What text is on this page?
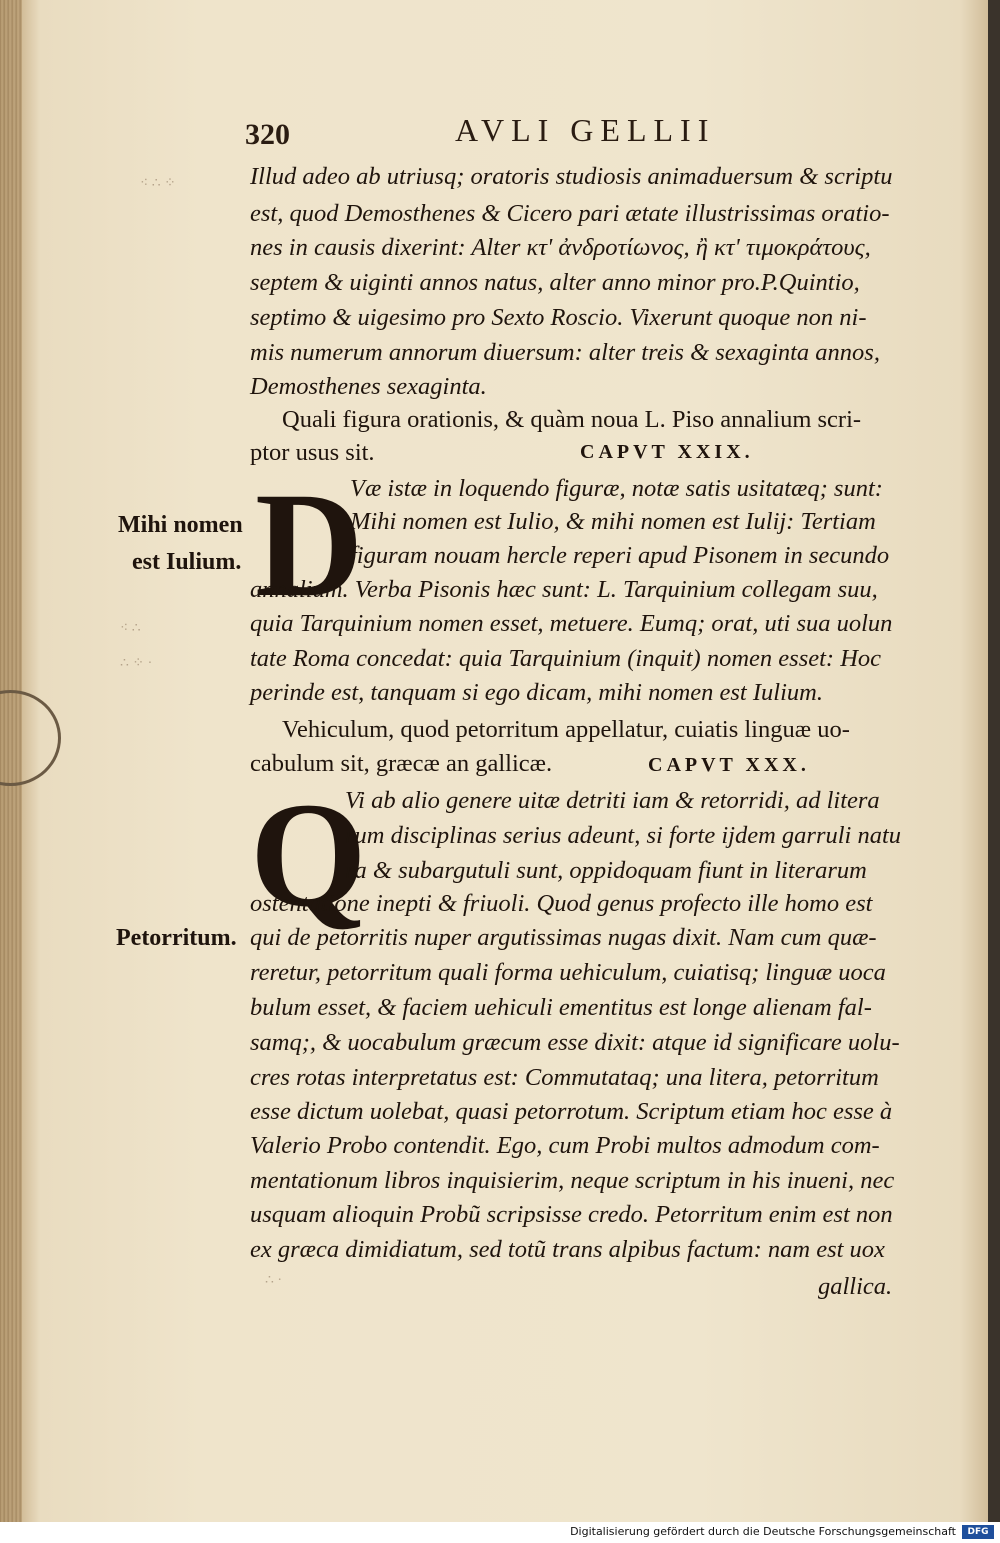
320	AVLI GELLII
⁖ ∴ ⁘
⁖ ∴
∴ ⁘ ·
Illud adeo ab utriusq; oratoris studiosis animaduersum & scriptu
est, quod Demosthenes & Cicero pari ætate illustrissimas oratio-
nes in causis dixerint: Alter κτ' ἀνδροτίωνος, ἢ κτ' τιμοκράτους,
septem & uiginti annos natus, alter anno minor pro.P.Quintio,
septimo & uigesimo pro Sexto Roscio. Vixerunt quoque non ni-
mis numerum annorum diuersum: alter treis & sexaginta annos,
Demosthenes sexaginta.
Quali figura orationis, & quàm noua L. Piso annalium scri-
ptor usus sit.	CAPVT XXIX.
Mihi nomen
est Iulium. D
Væ istæ in loquendo figuræ, notæ satis usitatæq; sunt:
Mihi nomen est Iulio, & mihi nomen est Iulij: Tertiam
figuram nouam hercle reperi apud Pisonem in secundo
annalium. Verba Pisonis hæc sunt: L. Tarquinium collegam suu,
quia Tarquinium nomen esset, metuere. Eumq; orat, uti sua uolun
tate Roma concedat: quia Tarquinium (inquit) nomen esset: Hoc
perinde est, tanquam si ego dicam, mihi nomen est Iulium.
Vehiculum, quod petorritum appellatur, cuiatis linguæ uo-
cabulum sit, græcæ an gallicæ.	CAPVT XXX.
Q
Vi ab alio genere uitæ detriti iam & retorridi, ad litera
rum disciplinas serius adeunt, si forte ijdem garruli natu
ra & subargutuli sunt, oppidoquam fiunt in literarum
ostentatione inepti & friuoli. Quod genus profecto ille homo est
Petorritum. qui de petorritis nuper argutissimas nugas dixit. Nam cum quæ-
reretur, petorritum quali forma uehiculum, cuiatisq; linguæ uoca
bulum esset, & faciem uehiculi ementitus est longe alienam fal-
samq;, & uocabulum græcum esse dixit: atque id significare uolu-
cres rotas interpretatus est: Commutataq; una litera, petorritum
esse dictum uolebat, quasi petorrotum. Scriptum etiam hoc esse à
Valerio Probo contendit. Ego, cum Probi multos admodum com-
mentationum libros inquisierim, neque scriptum in his inueni, nec
usquam alioquin Probũ scripsisse credo. Petorritum enim est non
ex græca dimidiatum, sed totũ trans alpibus factum: nam est uox
gallica.
∴ ·
Digitalisierung gefördert durch die Deutsche Forschungsgemeinschaft	DFG
